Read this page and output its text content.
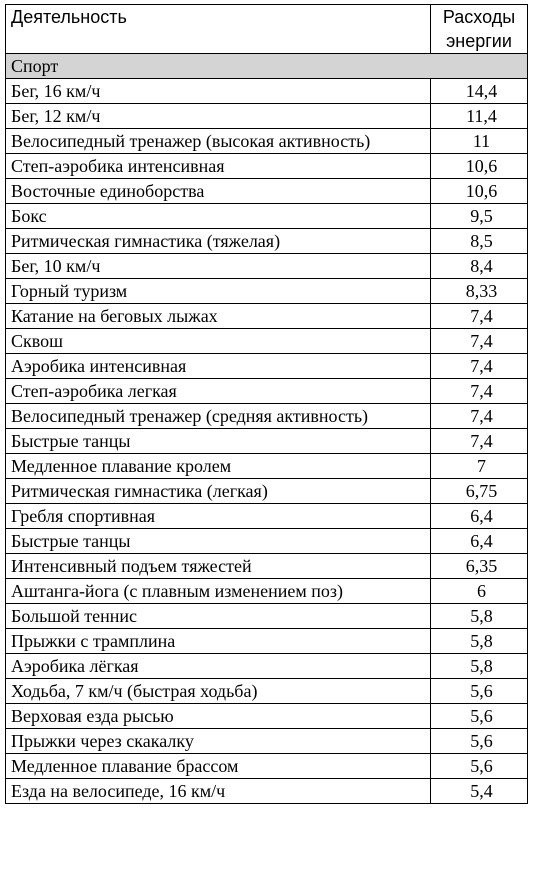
Деятельность	Расходы
энергии
Спорт	
Бег, 16 км/ч	14,4
Бег, 12 км/ч	11,4
Велосипедный тренажер (высокая активность)	11
Степ-аэробика интенсивная	10,6
Восточные единоборства	10,6
Бокс	9,5
Ритмическая гимнастика (тяжелая)	8,5
Бег, 10 км/ч	8,4
Горный туризм	8,33
Катание на беговых лыжах	7,4
Сквош	7,4
Аэробика интенсивная	7,4
Степ-аэробика легкая	7,4
Велосипедный тренажер (средняя активность)	7,4
Быстрые танцы	7,4
Медленное плавание кролем	7
Ритмическая гимнастика (легкая)	6,75
Гребля спортивная	6,4
Быстрые танцы	6,4
Интенсивный подъем тяжестей	6,35
Аштанга-йога (с плавным изменением поз)	6
Большой теннис	5,8
Прыжки с трамплина	5,8
Аэробика лёгкая	5,8
Ходьба, 7 км/ч (быстрая ходьба)	5,6
Верховая езда рысью	5,6
Прыжки через скакалку	5,6
Медленное плавание брассом	5,6
Езда на велосипеде, 16 км/ч	5,4
